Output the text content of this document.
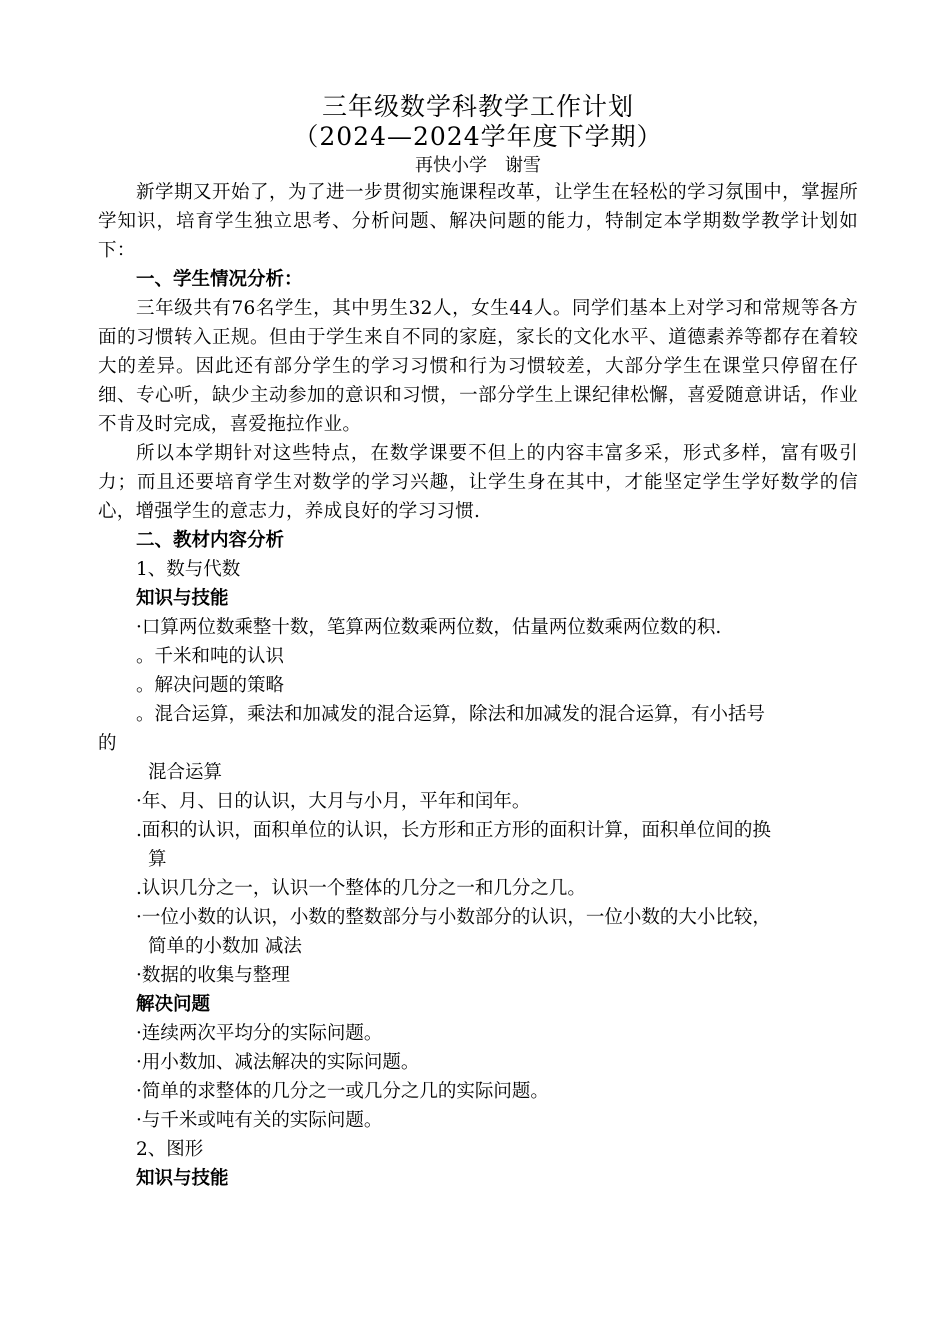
三年级数学科教学工作计划
（2024—2024学年度下学期）
再快小学　谢雪

新学期又开始了，为了进一步贯彻实施课程改革，让学生在轻松的学习氛围中，掌握所学知识，培育学生独立思考、分析问题、解决问题的能力，特制定本学期数学教学计划如下：

一、学生情况分析：

三年级共有76名学生，其中男生32人，女生44人。同学们基本上对学习和常规等各方面的习惯转入正规。但由于学生来自不同的家庭，家长的文化水平、道德素养等都存在着较大的差异。因此还有部分学生的学习习惯和行为习惯较差，大部分学生在课堂只停留在仔细、专心听，缺少主动参加的意识和习惯，一部分学生上课纪律松懈，喜爱随意讲话，作业不肯及时完成，喜爱拖拉作业。

所以本学期针对这些特点，在数学课要不但上的内容丰富多采，形式多样，富有吸引力；而且还要培育学生对数学的学习兴趣，让学生身在其中，才能坚定学生学好数学的信心，增强学生的意志力，养成良好的学习习惯.

二、教材内容分析

1、数与代数

知识与技能

·口算两位数乘整十数，笔算两位数乘两位数，估量两位数乘两位数的积.

。千米和吨的认识

。解决问题的策略

。混合运算，乘法和加减发的混合运算，除法和加减发的混合运算，有小括号

的

混合运算

·年、月、日的认识，大月与小月，平年和闰年。

.面积的认识，面积单位的认识，长方形和正方形的面积计算，面积单位间的换

算

.认识几分之一，认识一个整体的几分之一和几分之几。

·一位小数的认识，小数的整数部分与小数部分的认识，一位小数的大小比较，

简单的小数加 减法

·数据的收集与整理

解决问题

·连续两次平均分的实际问题。

·用小数加、减法解决的实际问题。

·简单的求整体的几分之一或几分之几的实际问题。

·与千米或吨有关的实际问题。

2、图形

知识与技能
